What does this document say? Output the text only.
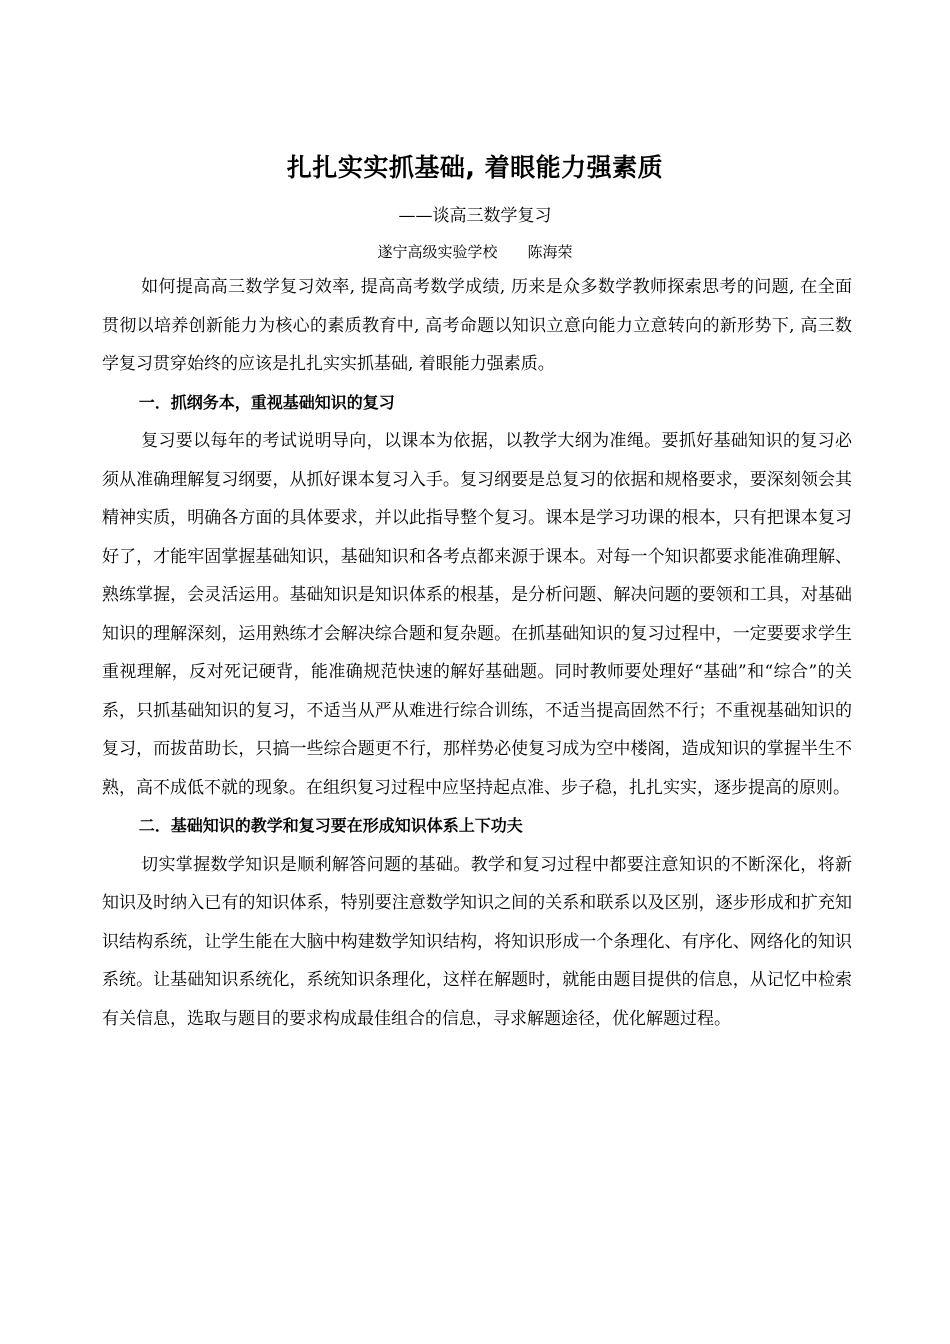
扎扎实实抓基础, 着眼能力强素质
——谈高三数学复习
遂宁高级实验学校 陈海荣

如何提高高三数学复习效率, 提高高考数学成绩, 历来是众多数学教师探索思考的问题, 在全面贯彻以培养创新能力为核心的素质教育中, 高考命题以知识立意向能力立意转向的新形势下, 高三数学复习贯穿始终的应该是扎扎实实抓基础, 着眼能力强素质。

一．抓纲务本，重视基础知识的复习

复习要以每年的考试说明导向，以课本为依据，以教学大纲为准绳。要抓好基础知识的复习必须从准确理解复习纲要，从抓好课本复习入手。复习纲要是总复习的依据和规格要求，要深刻领会其精神实质，明确各方面的具体要求，并以此指导整个复习。课本是学习功课的根本，只有把课本复习好了，才能牢固掌握基础知识，基础知识和各考点都来源于课本。对每一个知识都要求能准确理解、熟练掌握，会灵活运用。基础知识是知识体系的根基，是分析问题、解决问题的要领和工具，对基础知识的理解深刻，运用熟练才会解决综合题和复杂题。在抓基础知识的复习过程中，一定要要求学生重视理解，反对死记硬背，能准确规范快速的解好基础题。同时教师要处理好“基础”和“综合”的关系，只抓基础知识的复习，不适当从严从难进行综合训练，不适当提高固然不行；不重视基础知识的复习，而拔苗助长，只搞一些综合题更不行，那样势必使复习成为空中楼阁，造成知识的掌握半生不熟，高不成低不就的现象。在组织复习过程中应坚持起点准、步子稳，扎扎实实，逐步提高的原则。

二．基础知识的教学和复习要在形成知识体系上下功夫

切实掌握数学知识是顺利解答问题的基础。教学和复习过程中都要注意知识的不断深化，将新知识及时纳入已有的知识体系，特别要注意数学知识之间的关系和联系以及区别，逐步形成和扩充知识结构系统，让学生能在大脑中构建数学知识结构，将知识形成一个条理化、有序化、网络化的知识系统。让基础知识系统化，系统知识条理化，这样在解题时，就能由题目提供的信息，从记忆中检索有关信息，选取与题目的要求构成最佳组合的信息，寻求解题途径，优化解题过程。
